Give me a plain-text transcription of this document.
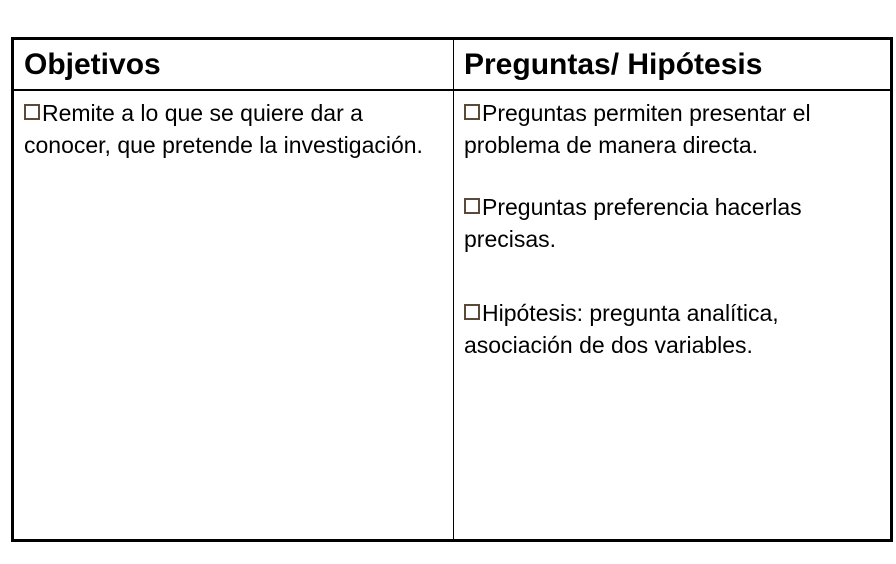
Objetivos	Preguntas/ Hipótesis

Remite a lo que se quiere dar a conocer, que pretende la investigación.

Preguntas permiten presentar el problema de manera directa.

Preguntas preferencia hacerlas precisas.

Hipótesis: pregunta analítica, asociación de dos variables.
